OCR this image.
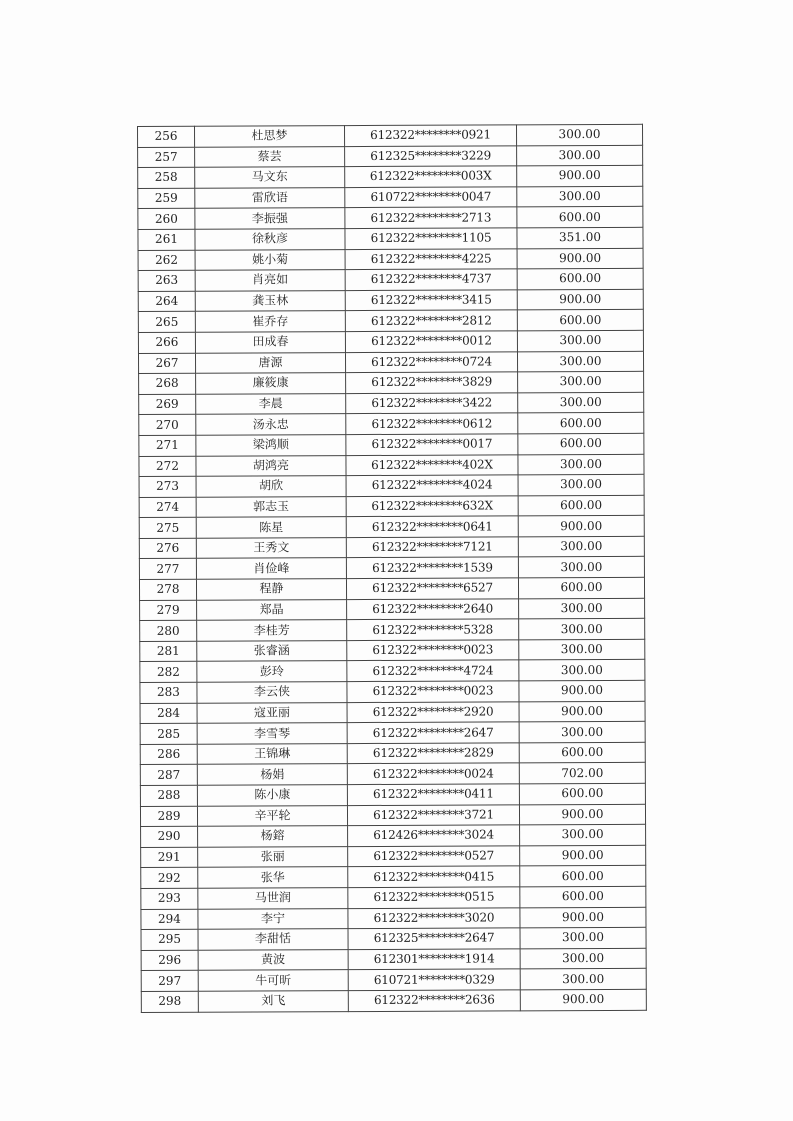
256	杜思梦	612322********0921	300.00
257	蔡芸	612325********3229	300.00
258	马文东	612322********003X	900.00
259	雷欣语	610722********0047	300.00
260	李振强	612322********2713	600.00
261	徐秋彦	612322********1105	351.00
262	姚小菊	612322********4225	900.00
263	肖亮如	612322********4737	600.00
264	龚玉林	612322********3415	900.00
265	崔乔存	612322********2812	600.00
266	田成春	612322********0012	300.00
267	唐源	612322********0724	300.00
268	廉筱康	612322********3829	300.00
269	李晨	612322********3422	300.00
270	汤永忠	612322********0612	600.00
271	梁鸿顺	612322********0017	600.00
272	胡鸿亮	612322********402X	300.00
273	胡欣	612322********4024	300.00
274	郭志玉	612322********632X	600.00
275	陈星	612322********0641	900.00
276	王秀文	612322********7121	300.00
277	肖俭峰	612322********1539	300.00
278	程静	612322********6527	600.00
279	郑晶	612322********2640	300.00
280	李桂芳	612322********5328	300.00
281	张睿涵	612322********0023	300.00
282	彭玲	612322********4724	300.00
283	李云侠	612322********0023	900.00
284	寇亚丽	612322********2920	900.00
285	李雪琴	612322********2647	300.00
286	王锦琳	612322********2829	600.00
287	杨娟	612322********0024	702.00
288	陈小康	612322********0411	600.00
289	辛平轮	612322********3721	900.00
290	杨鎔	612426********3024	300.00
291	张丽	612322********0527	900.00
292	张华	612322********0415	600.00
293	马世润	612322********0515	600.00
294	李宁	612322********3020	900.00
295	李甜恬	612325********2647	300.00
296	黄波	612301********1914	300.00
297	牛可昕	610721********0329	300.00
298	刘飞	612322********2636	900.00
